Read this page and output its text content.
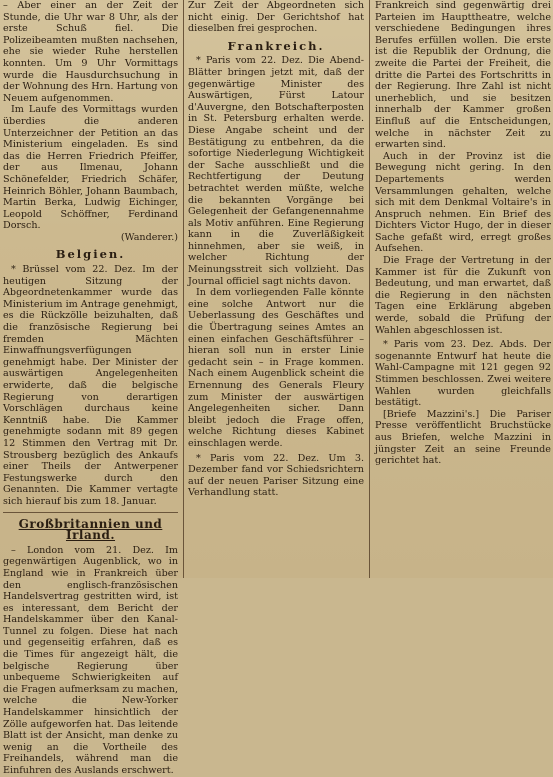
– Aber einer an der Zeit der Stunde, die Uhr war 8 Uhr, als der erste Schuß fiel. Die Polizeibeamten mußten nachsehen, ehe sie wieder Ruhe herstellen konnten. Um 9 Uhr Vormittags wurde die Hausdurchsuchung in der Wohnung des Hrn. Hartung von Neuem aufgenommen.

Im Laufe des Vormittags wurden überdies die anderen Unterzeichner der Petition an das Ministerium eingeladen. Es sind das die Herren Friedrich Pfeiffer, der aus Ilmenau, Johann Schönefelder, Friedrich Schäfer, Heinrich Böhler, Johann Baumbach, Martin Berka, Ludwig Eichinger, Leopold Schöffner, Ferdinand Dorsch.

(Wanderer.)

Belgien.

* Brüssel vom 22. Dez. Im der heutigen Sitzung der Abgeordnetenkammer wurde das Ministerium im Antrage genehmigt, es die Rückzölle beizuhalten, daß die französische Regierung bei fremden Mächten Einwaffnungsverfügungen genehmigt habe. Der Minister der auswärtigen Angelegenheiten erwiderte, daß die belgische Regierung von derartigen Vorschlägen durchaus keine Kenntniß habe. Die Kammer genehmigte sodann mit 89 gegen 12 Stimmen den Vertrag mit Dr. Strousberg bezüglich des Ankaufs einer Theils der Antwerpener Festungswerke durch den Genannten. Die Kammer vertagte sich hierauf bis zum 18. Januar.

Großbritannien und Irland.

– London vom 21. Dez. Im gegenwärtigen Augenblick, wo in England wie in Frankreich über den englisch-französischen Handelsvertrag gestritten wird, ist es interessant, dem Bericht der Handelskammer über den Kanal-Tunnel zu folgen. Diese hat nach und gegenseitig erfahren, daß es die Times für angezeigt hält, die belgische Regierung über unbequeme Schwierigkeiten auf die Fragen aufmerksam zu machen, welche die New-Yorker Handelskammer hinsichtlich der Zölle aufgeworfen hat. Das leitende Blatt ist der Ansicht, man denke zu wenig an die Vortheile des Freihandels, während man die Einfuhren des Auslands erschwert.

Zur Zeit der Abgeordneten sich nicht einig. Der Gerichtshof hat dieselben frei gesprochen.

Frankreich.

* Paris vom 22. Dez. Die Abend-Blätter bringen jetzt mit, daß der gegenwärtige Minister des Auswärtigen, Fürst Latour d'Auvergne, den Botschafterposten in St. Petersburg erhalten werde. Diese Angabe scheint und der Bestätigung zu entbehren, da die sofortige Niederlegung Wichtigkeit der Sache ausschließt und die Rechtfertigung der Deutung betrachtet werden müßte, welche die bekannten Vorgänge bei Gelegenheit der Gefangenennahme als Motiv anführen. Eine Regierung kann in die Zuverläßigkeit hinnehmen, aber sie weiß, in welcher Richtung der Meinungsstreit sich vollzieht. Das Journal officiel sagt nichts davon.

In dem vorliegenden Falle könnte eine solche Antwort nur die Ueberlassung des Geschäftes und die Übertragung seines Amtes an einen einfachen Geschäftsführer – hieran soll nun in erster Linie gedacht sein – in Frage kommen. Nach einem Augenblick scheint die Ernennung des Generals Fleury zum Minister der auswärtigen Angelegenheiten sicher. Dann bleibt jedoch die Frage offen, welche Richtung dieses Kabinet einschlagen werde.

* Paris vom 22. Dez. Um 3. Dezember fand vor Schiedsrichtern auf der neuen Pariser Sitzung eine Verhandlung statt.

Frankreich sind gegenwärtig drei Parteien im Haupttheatre, welche verschiedene Bedingungen ihres Berufes erfüllen wollen. Die erste ist die Republik der Ordnung, die zweite die Partei der Freiheit, die dritte die Partei des Fortschritts in der Regierung. Ihre Zahl ist nicht unerheblich, und sie besitzen innerhalb der Kammer großen Einfluß auf die Entscheidungen, welche in nächster Zeit zu erwarten sind.

Auch in der Provinz ist die Bewegung nicht gering. In den Departements werden Versammlungen gehalten, welche sich mit dem Denkmal Voltaire's in Anspruch nehmen. Ein Brief des Dichters Victor Hugo, der in dieser Sache gefaßt wird, erregt großes Aufsehen.

Die Frage der Vertretung in der Kammer ist für die Zukunft von Bedeutung, und man erwartet, daß die Regierung in den nächsten Tagen eine Erklärung abgeben werde, sobald die Prüfung der Wahlen abgeschlossen ist.

* Paris vom 23. Dez. Abds. Der sogenannte Entwurf hat heute die Wahl-Campagne mit 121 gegen 92 Stimmen beschlossen. Zwei weitere Wahlen wurden gleichfalls bestätigt.

[Briefe Mazzini's.] Die Pariser Presse veröffentlicht Bruchstücke aus Briefen, welche Mazzini in jüngster Zeit an seine Freunde gerichtet hat.
